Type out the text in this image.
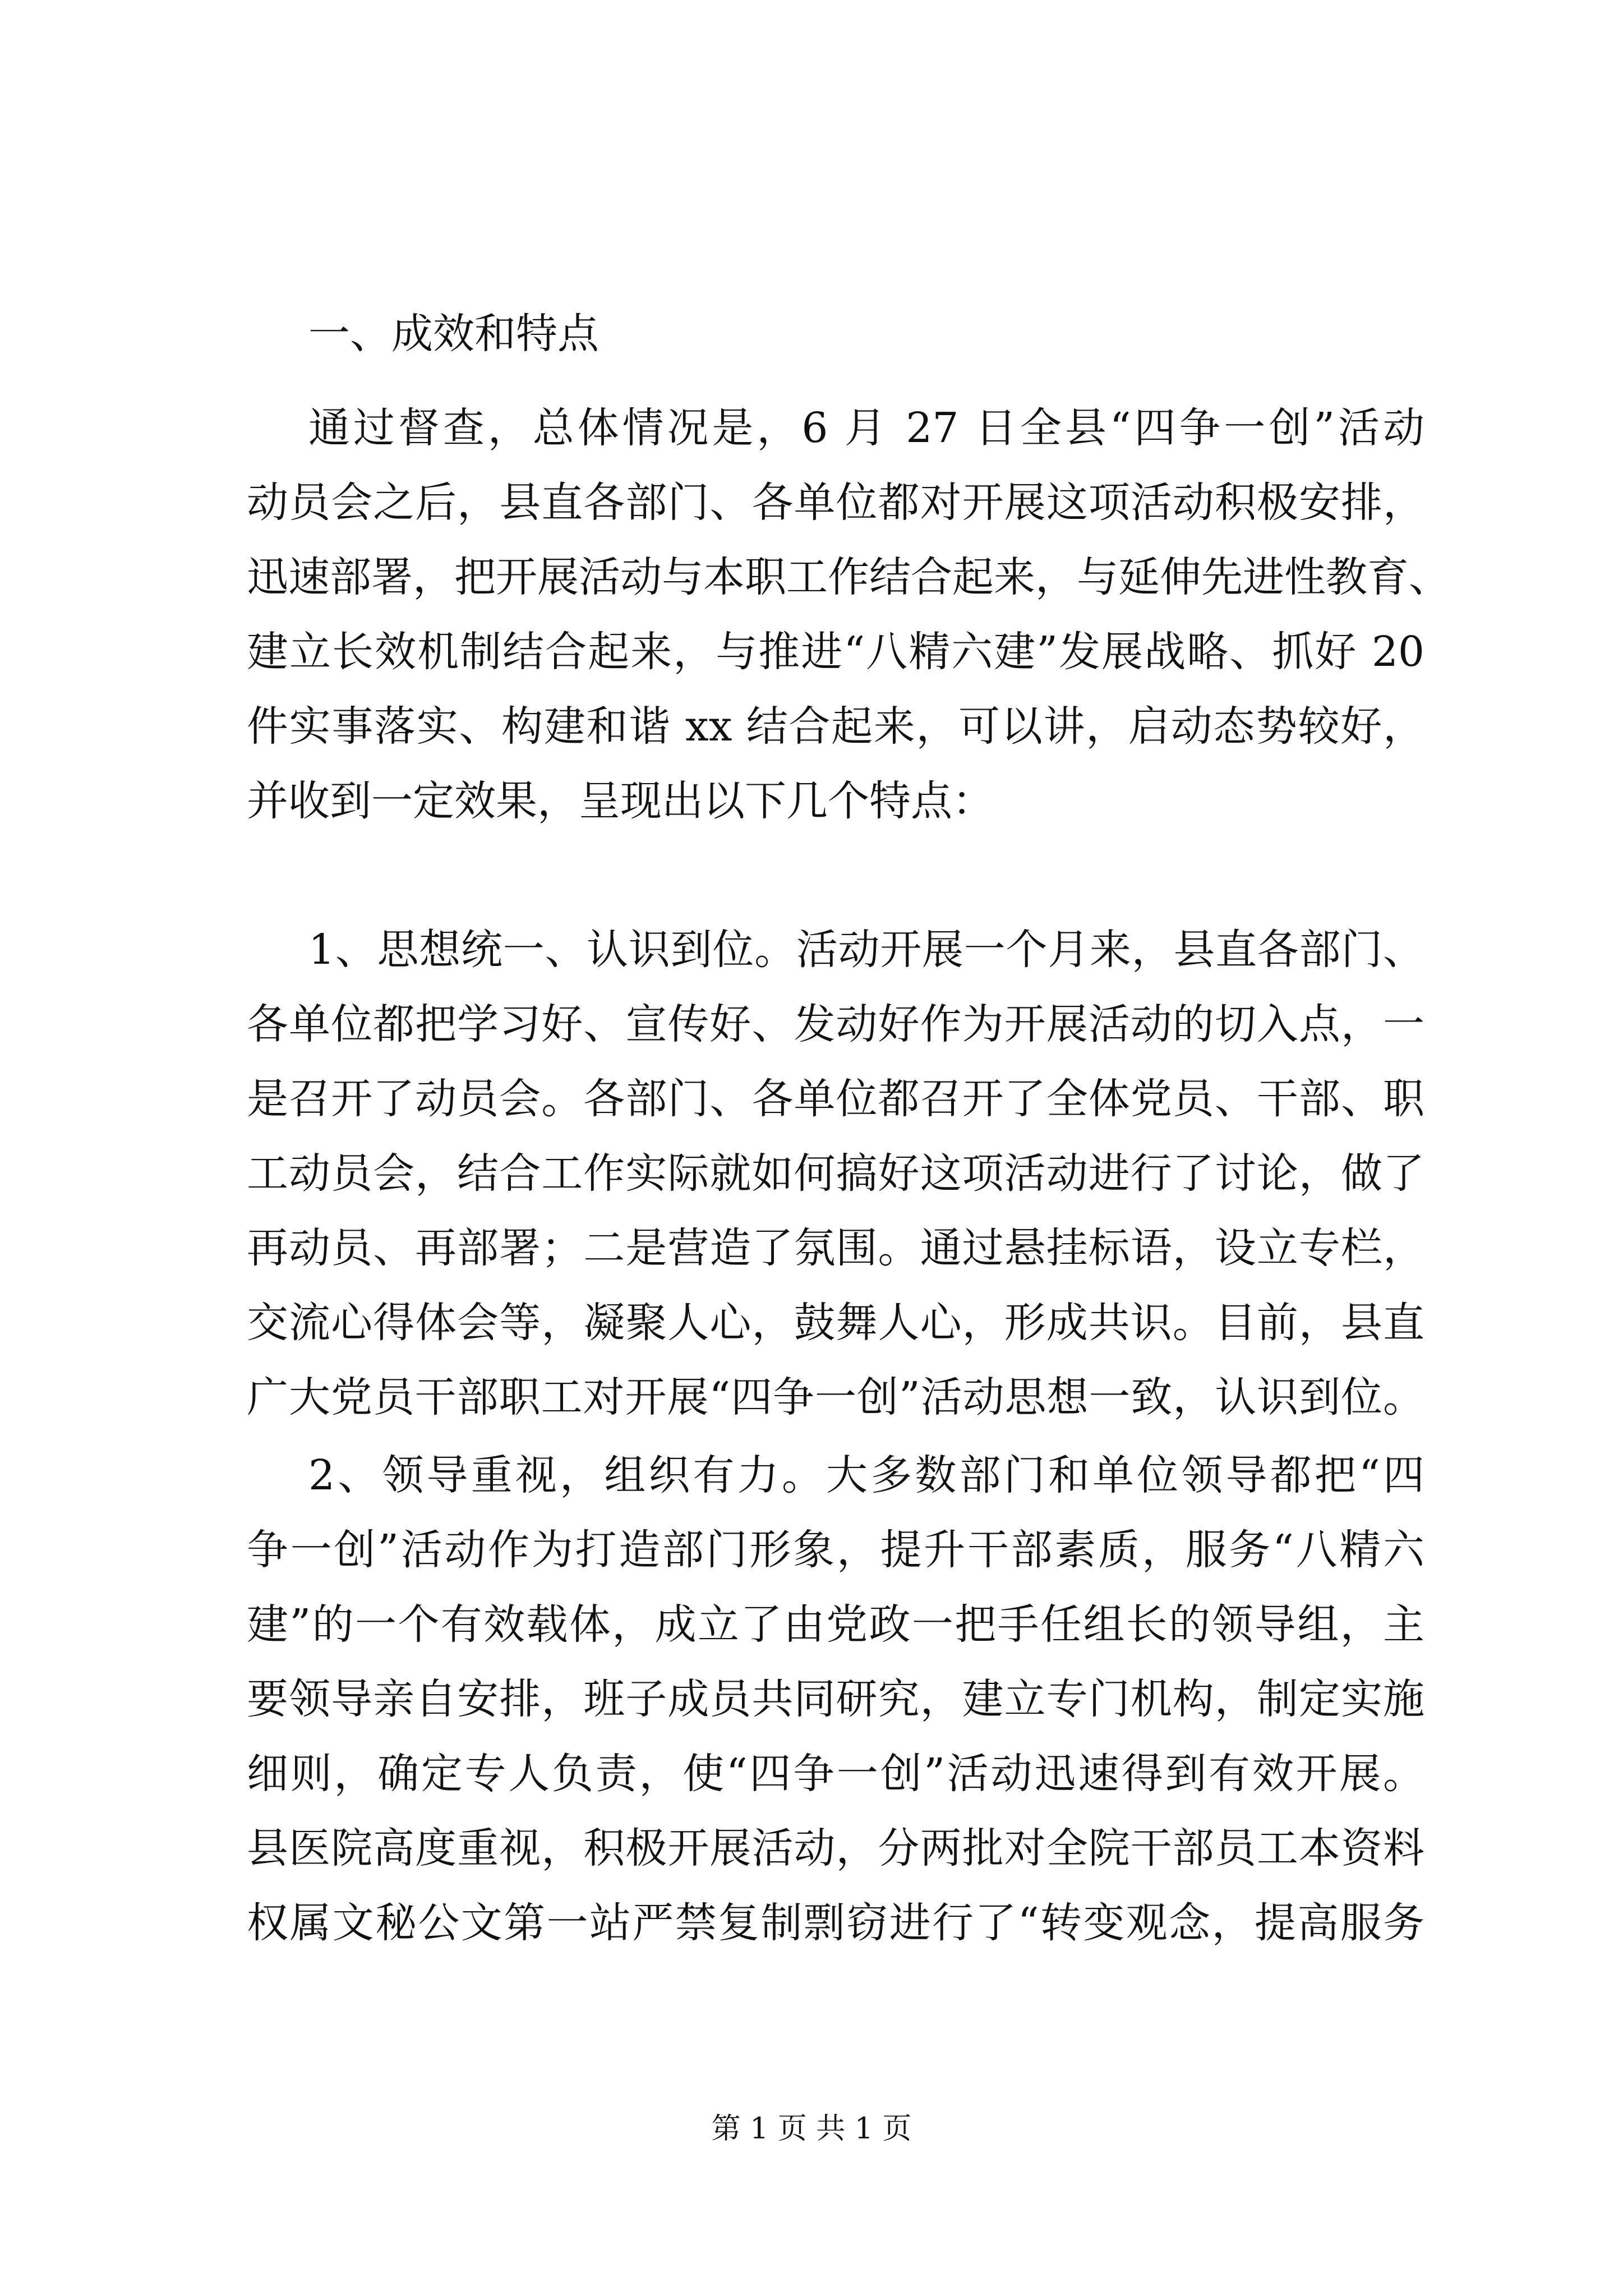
一、成效和特点
通过督查，总体情况是，6 月 27 日全县“四争一创”活动
动员会之后，县直各部门、各单位都对开展这项活动积极安排，
迅速部署，把开展活动与本职工作结合起来，与延伸先进性教育、
建立长效机制结合起来，与推进“八精六建”发展战略、抓好 20
件实事落实、构建和谐 xx 结合起来，可以讲，启动态势较好，
并收到一定效果，呈现出以下几个特点：
1、思想统一、认识到位。活动开展一个月来，县直各部门、
各单位都把学习好、宣传好、发动好作为开展活动的切入点，一
是召开了动员会。各部门、各单位都召开了全体党员、干部、职
工动员会，结合工作实际就如何搞好这项活动进行了讨论，做了
再动员、再部署；二是营造了氛围。通过悬挂标语，设立专栏，
交流心得体会等，凝聚人心，鼓舞人心，形成共识。目前，县直
广大党员干部职工对开展“四争一创”活动思想一致，认识到位。
2、领导重视，组织有力。大多数部门和单位领导都把“四
争一创”活动作为打造部门形象，提升干部素质，服务“八精六
建”的一个有效载体，成立了由党政一把手任组长的领导组，主
要领导亲自安排，班子成员共同研究，建立专门机构，制定实施
细则，确定专人负责，使“四争一创”活动迅速得到有效开展。
县医院高度重视，积极开展活动，分两批对全院干部员工本资料
权属文秘公文第一站严禁复制剽窃进行了“转变观念，提高服务
第 1 页 共 1 页
